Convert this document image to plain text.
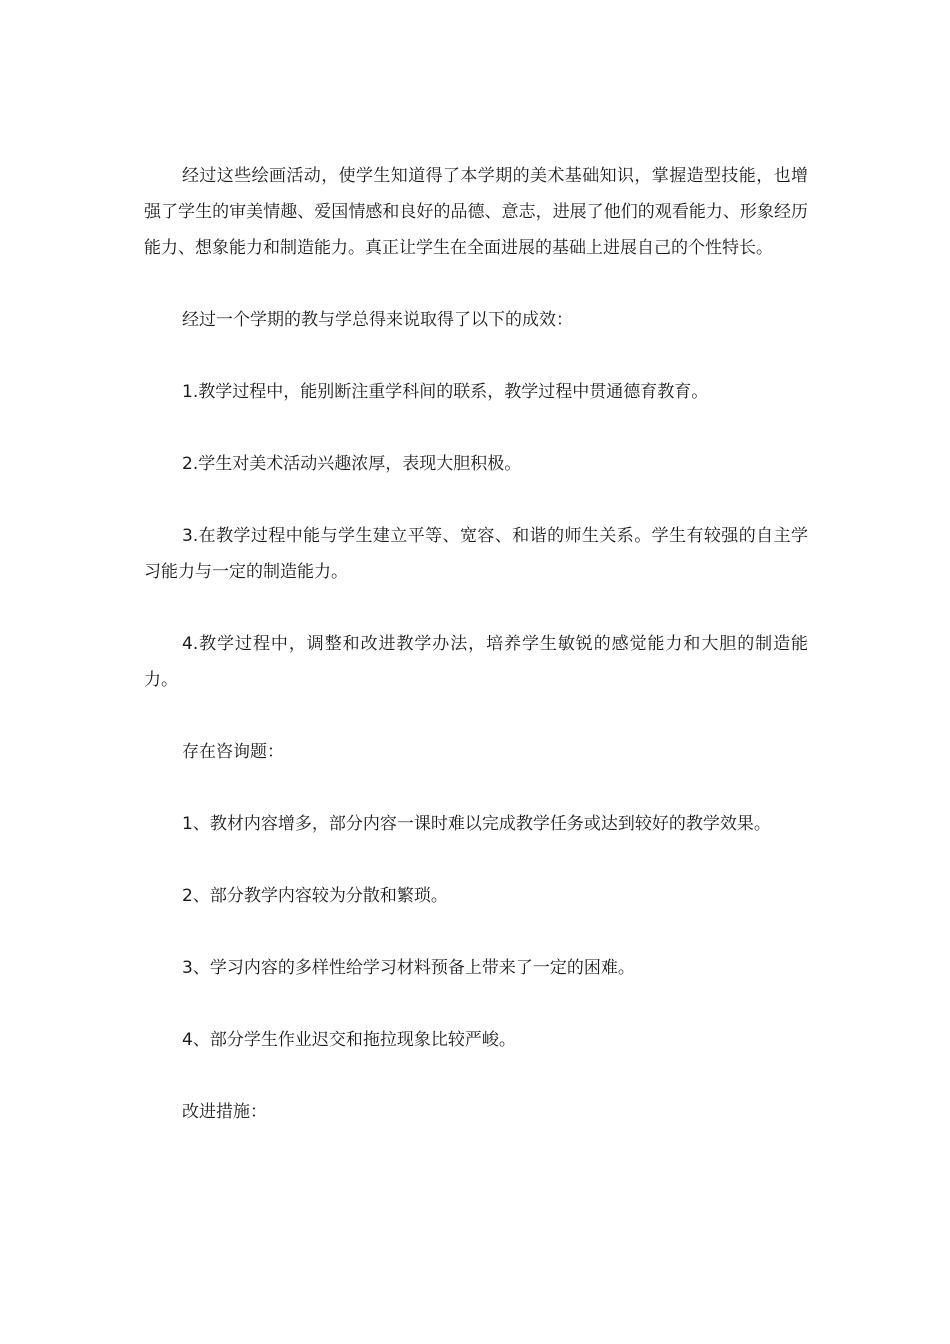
经过这些绘画活动，使学生知道得了本学期的美术基础知识，掌握造型技能，也增强了学生的审美情趣、爱国情感和良好的品德、意志，进展了他们的观看能力、形象经历能力、想象能力和制造能力。真正让学生在全面进展的基础上进展自己的个性特长。

经过一个学期的教与学总得来说取得了以下的成效：

1.教学过程中，能别断注重学科间的联系，教学过程中贯通德育教育。

2.学生对美术活动兴趣浓厚，表现大胆积极。

3.在教学过程中能与学生建立平等、宽容、和谐的师生关系。学生有较强的自主学习能力与一定的制造能力。

4.教学过程中，调整和改进教学办法，培养学生敏锐的感觉能力和大胆的制造能力。

存在咨询题：

1、教材内容增多，部分内容一课时难以完成教学任务或达到较好的教学效果。

2、部分教学内容较为分散和繁琐。

3、学习内容的多样性给学习材料预备上带来了一定的困难。

4、部分学生作业迟交和拖拉现象比较严峻。

改进措施：
